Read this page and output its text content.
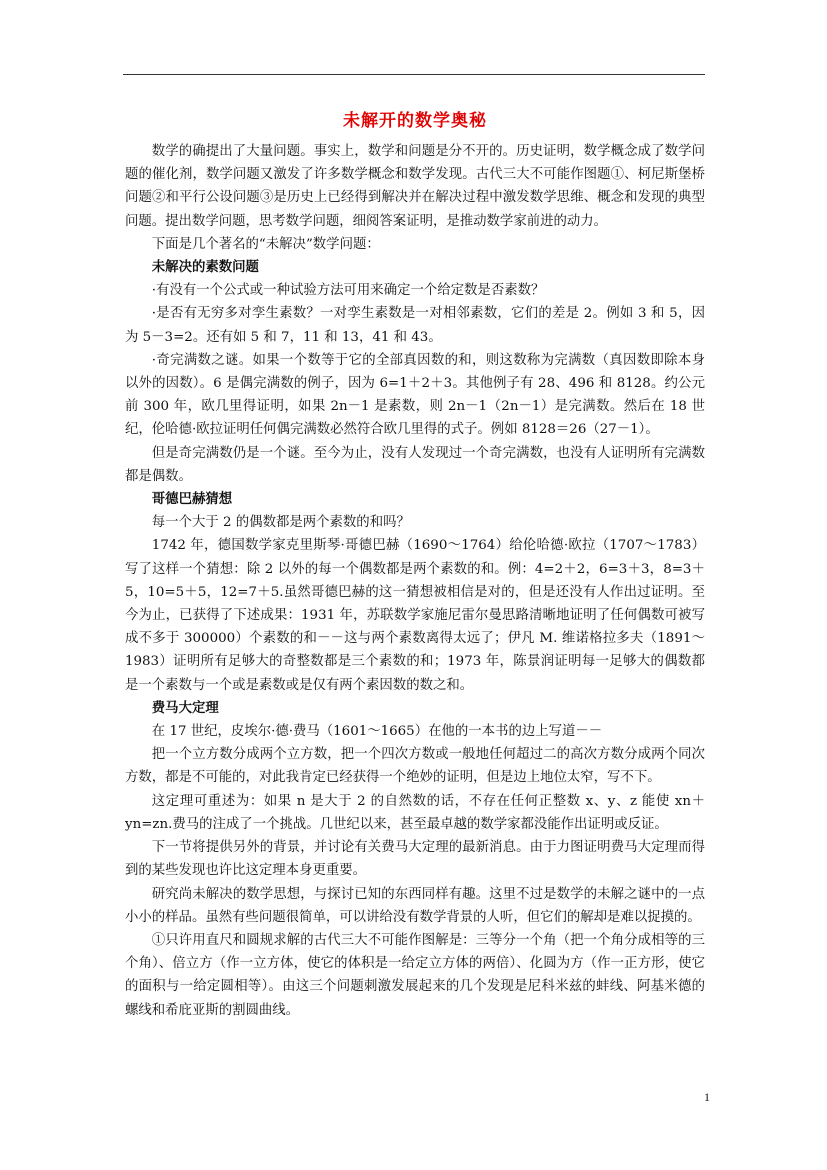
未解开的数学奥秘

数学的确提出了大量问题。事实上，数学和问题是分不开的。历史证明，数学概念成了数学问题的催化剂，数学问题又激发了许多数学概念和数学发现。古代三大不可能作图题①、柯尼斯堡桥问题②和平行公设问题③是历史上已经得到解决并在解决过程中激发数学思维、概念和发现的典型问题。提出数学问题，思考数学问题，细阅答案证明，是推动数学家前进的动力。

下面是几个著名的“未解决”数学问题：

未解决的素数问题

·有没有一个公式或一种试验方法可用来确定一个给定数是否素数？

·是否有无穷多对孪生素数？一对孪生素数是一对相邻素数，它们的差是 2。例如 3 和 5，因为 5－3=2。还有如 5 和 7，11 和 13，41 和 43。

·奇完满数之谜。如果一个数等于它的全部真因数的和，则这数称为完满数（真因数即除本身以外的因数）。6 是偶完满数的例子，因为 6=1＋2＋3。其他例子有 28、496 和 8128。约公元前 300 年，欧几里得证明，如果 2n－1 是素数，则 2n－1（2n－1）是完满数。然后在 18 世纪，伦哈德·欧拉证明任何偶完满数必然符合欧几里得的式子。例如 8128＝26（27－1）。

但是奇完满数仍是一个谜。至今为止，没有人发现过一个奇完满数，也没有人证明所有完满数都是偶数。

哥德巴赫猜想

每一个大于 2 的偶数都是两个素数的和吗？

1742 年，德国数学家克里斯琴·哥德巴赫（1690～1764）给伦哈德·欧拉（1707～1783）写了这样一个猜想：除 2 以外的每一个偶数都是两个素数的和。例：4=2＋2，6=3＋3，8=3＋5，10=5＋5，12=7＋5.虽然哥德巴赫的这一猜想被相信是对的，但是还没有人作出过证明。至今为止，已获得了下述成果：1931 年，苏联数学家施尼雷尔曼思路清晰地证明了任何偶数可被写成不多于 300000）个素数的和－－这与两个素数离得太远了；伊凡 M. 维诺格拉多夫（1891～1983）证明所有足够大的奇整数都是三个素数的和；1973 年，陈景润证明每一足够大的偶数都是一个素数与一个或是素数或是仅有两个素因数的数之和。

费马大定理

在 17 世纪，皮埃尔·德·费马（1601～1665）在他的一本书的边上写道－－

把一个立方数分成两个立方数，把一个四次方数或一般地任何超过二的高次方数分成两个同次方数，都是不可能的，对此我肯定已经获得一个绝妙的证明，但是边上地位太窄，写不下。

这定理可重述为：如果 n 是大于 2 的自然数的话，不存在任何正整数 x、y、z 能使 xn＋yn=zn.费马的注成了一个挑战。几世纪以来，甚至最卓越的数学家都没能作出证明或反证。

下一节将提供另外的背景，并讨论有关费马大定理的最新消息。由于力图证明费马大定理而得到的某些发现也许比这定理本身更重要。

研究尚未解决的数学思想，与探讨已知的东西同样有趣。这里不过是数学的未解之谜中的一点小小的样品。虽然有些问题很简单，可以讲给没有数学背景的人听，但它们的解却是难以捉摸的。

①只许用直尺和圆规求解的古代三大不可能作图解是：三等分一个角（把一个角分成相等的三个角）、倍立方（作一立方体，使它的体积是一给定立方体的两倍）、化圆为方（作一正方形，使它的面积与一给定圆相等）。由这三个问题刺激发展起来的几个发现是尼科米兹的蚌线、阿基米德的螺线和希庇亚斯的割圆曲线。

1
